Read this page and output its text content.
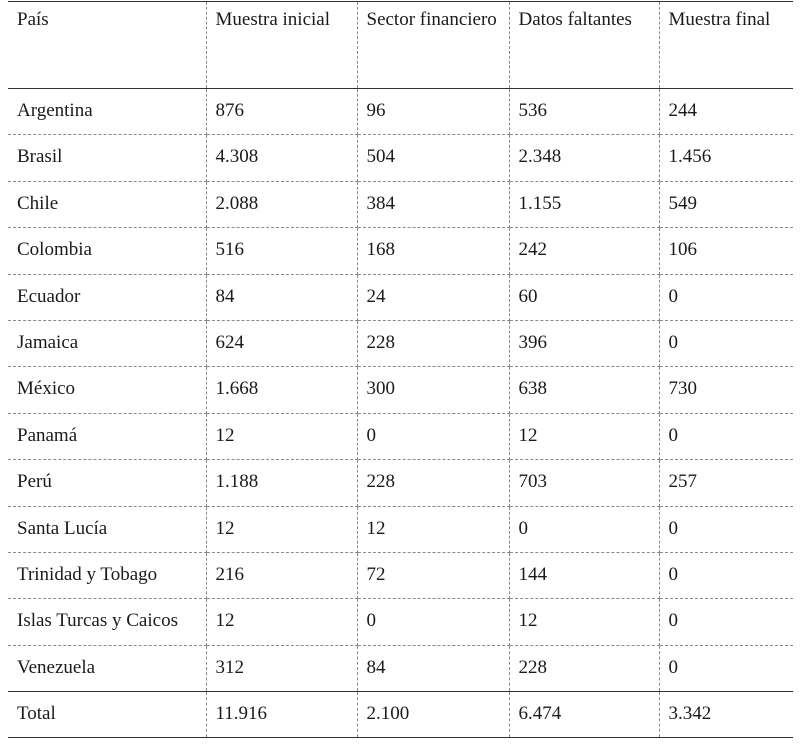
País	Muestra inicial	Sector financiero	Datos faltantes	Muestra final
Argentina	876	96	536	244
Brasil	4.308	504	2.348	1.456
Chile	2.088	384	1.155	549
Colombia	516	168	242	106
Ecuador	84	24	60	0
Jamaica	624	228	396	0
México	1.668	300	638	730
Panamá	12	0	12	0
Perú	1.188	228	703	257
Santa Lucía	12	12	0	0
Trinidad y Tobago	216	72	144	0
Islas Turcas y Caicos	12	0	12	0
Venezuela	312	84	228	0
Total	11.916	2.100	6.474	3.342
